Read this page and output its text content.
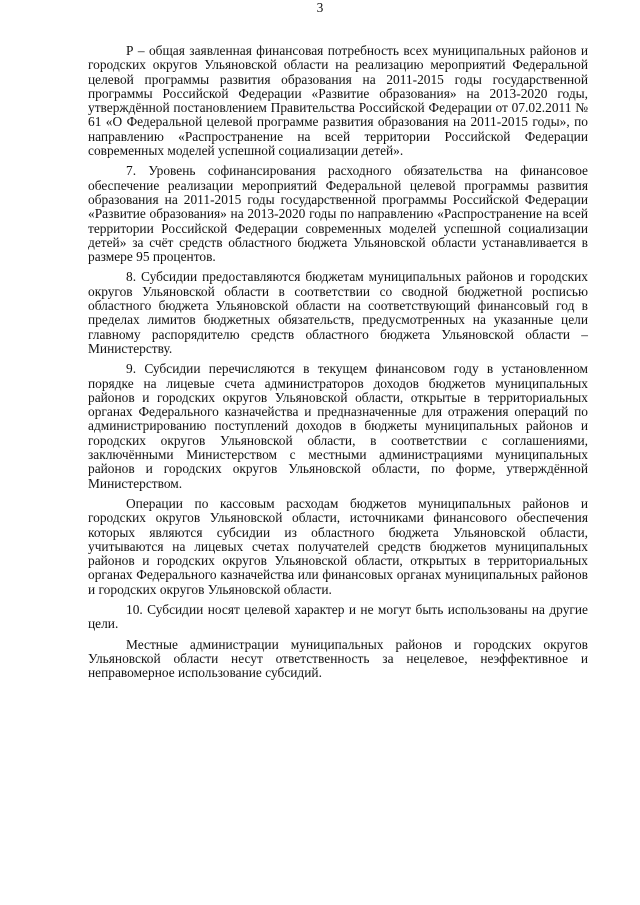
3

Р – общая заявленная финансовая потребность всех муниципальных районов и городских округов Ульяновской области на реализацию мероприятий Федеральной целевой программы развития образования на 2011-2015 годы государственной программы Российской Федерации «Развитие образования» на 2013-2020 годы, утверждённой постановлением Правительства Российской Федерации от 07.02.2011 № 61 «О Федеральной целевой программе развития образования на 2011-2015 годы», по направлению «Распространение на всей территории Российской Федерации современных моделей успешной социализации детей».

7. Уровень софинансирования расходного обязательства на финансовое обеспечение реализации мероприятий Федеральной целевой программы развития образования на 2011-2015 годы государственной программы Российской Федерации «Развитие образования» на 2013-2020 годы по направлению «Распространение на всей территории Российской Федерации современных моделей успешной социализации детей» за счёт средств областного бюджета Ульяновской области устанавливается в размере 95 процентов.

8. Субсидии предоставляются бюджетам муниципальных районов и городских округов Ульяновской области в соответствии со сводной бюджетной росписью областного бюджета Ульяновской области на соответствующий финансовый год в пределах лимитов бюджетных обязательств, предусмотренных на указанные цели главному распорядителю средств областного бюджета Ульяновской области – Министерству.

9. Субсидии перечисляются в текущем финансовом году в установленном порядке на лицевые счета администраторов доходов бюджетов муниципальных районов и городских округов Ульяновской области, открытые в территориальных органах Федерального казначейства и предназначенные для отражения операций по администрированию поступлений доходов в бюджеты муниципальных районов и городских округов Ульяновской области, в соответствии с соглашениями, заключёнными Министерством с местными администрациями муниципальных районов и городских округов Ульяновской области, по форме, утверждённой Министерством.

Операции по кассовым расходам бюджетов муниципальных районов и городских округов Ульяновской области, источниками финансового обеспечения которых являются субсидии из областного бюджета Ульяновской области, учитываются на лицевых счетах получателей средств бюджетов муниципальных районов и городских округов Ульяновской области, открытых в территориальных органах Федерального казначейства или финансовых органах муниципальных районов и городских округов Ульяновской области.

10. Субсидии носят целевой характер и не могут быть использованы на другие цели.

Местные администрации муниципальных районов и городских округов Ульяновской области несут ответственность за нецелевое, неэффективное и неправомерное использование субсидий.
